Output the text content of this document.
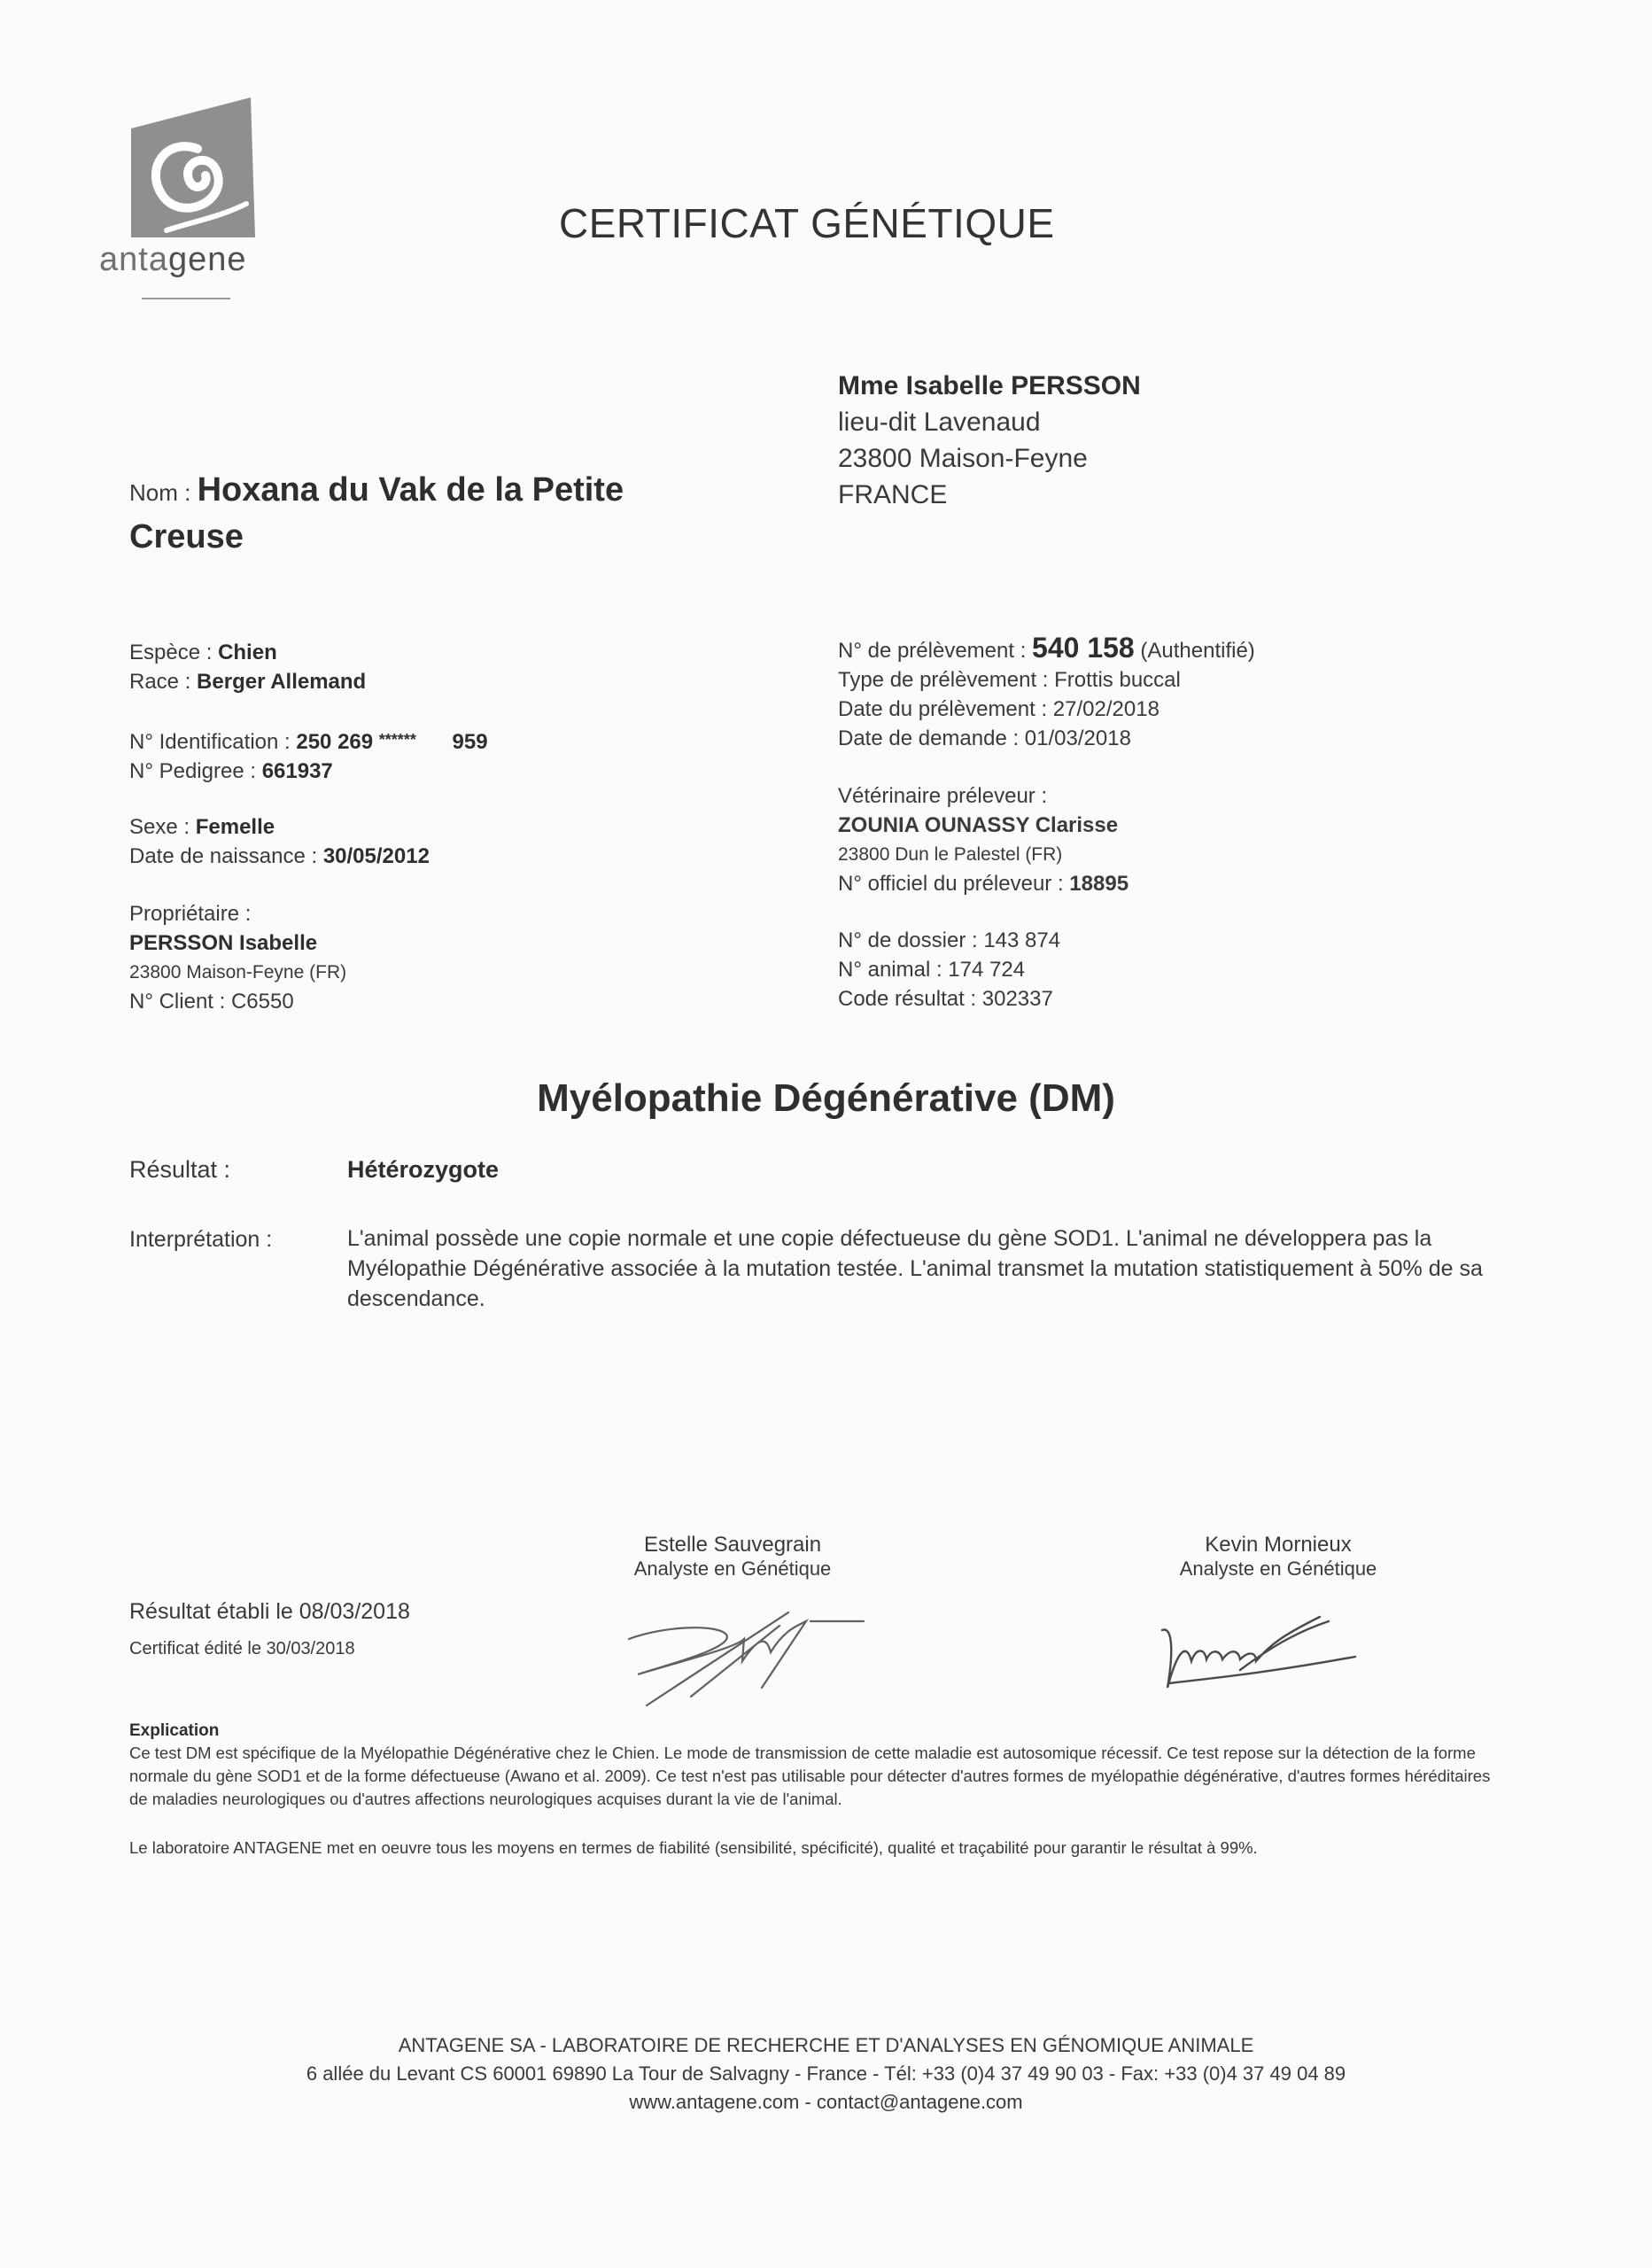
antagene
CERTIFICAT GÉNÉTIQUE
Mme Isabelle PERSSON
lieu-dit Lavenaud
23800 Maison-Feyne
FRANCE
Nom : Hoxana du Vak de la Petite Creuse
Espèce : Chien
Race : Berger Allemand
N° Identification : 250 269 ****** 959
N° Pedigree : 661937
Sexe : Femelle
Date de naissance : 30/05/2012
Propriétaire :
PERSSON Isabelle
23800 Maison-Feyne (FR)
N° Client : C6550
N° de prélèvement : 540 158 (Authentifié)
Type de prélèvement : Frottis buccal
Date du prélèvement : 27/02/2018
Date de demande : 01/03/2018
Vétérinaire préleveur :
ZOUNIA OUNASSY Clarisse
23800 Dun le Palestel (FR)
N° officiel du préleveur : 18895
N° de dossier : 143 874
N° animal : 174 724
Code résultat : 302337
Myélopathie Dégénérative (DM)
Résultat :	Hétérozygote
Interprétation :	L'animal possède une copie normale et une copie défectueuse du gène SOD1. L'animal ne développera pas la Myélopathie Dégénérative associée à la mutation testée. L'animal transmet la mutation statistiquement à 50% de sa descendance.
Estelle Sauvegrain
Analyste en Génétique
Kevin Mornieux
Analyste en Génétique
Résultat établi le 08/03/2018
Certificat édité le 30/03/2018
Explication
Ce test DM est spécifique de la Myélopathie Dégénérative chez le Chien. Le mode de transmission de cette maladie est autosomique récessif. Ce test repose sur la détection de la forme normale du gène SOD1 et de la forme défectueuse (Awano et al. 2009). Ce test n'est pas utilisable pour détecter d'autres formes de myélopathie dégénérative, d'autres formes héréditaires de maladies neurologiques ou d'autres affections neurologiques acquises durant la vie de l'animal.
Le laboratoire ANTAGENE met en oeuvre tous les moyens en termes de fiabilité (sensibilité, spécificité), qualité et traçabilité pour garantir le résultat à 99%.
ANTAGENE SA - LABORATOIRE DE RECHERCHE ET D'ANALYSES EN GÉNOMIQUE ANIMALE
6 allée du Levant CS 60001 69890 La Tour de Salvagny - France - Tél: +33 (0)4 37 49 90 03 - Fax: +33 (0)4 37 49 04 89
www.antagene.com - contact@antagene.com
